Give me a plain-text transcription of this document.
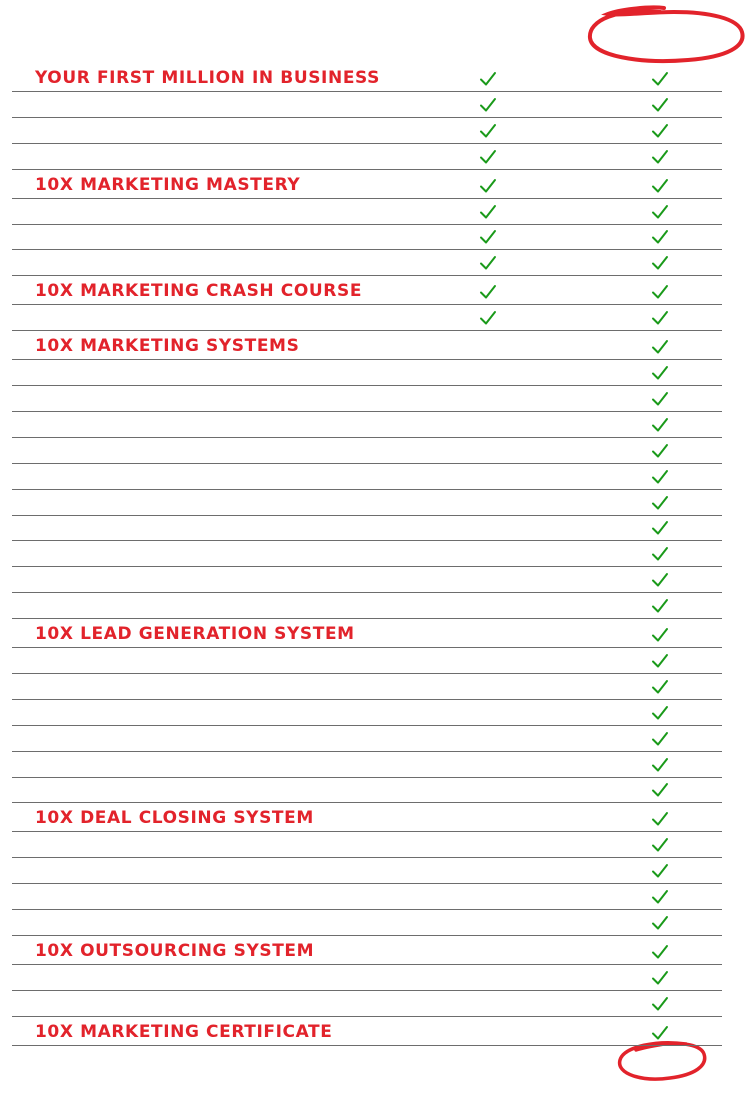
YOUR FIRST MILLION IN BUSINESS
10X MARKETING MASTERY
10X MARKETING CRASH COURSE
10X MARKETING SYSTEMS
10X LEAD GENERATION SYSTEM
10X DEAL CLOSING SYSTEM
10X OUTSOURCING SYSTEM
10X MARKETING CERTIFICATE
